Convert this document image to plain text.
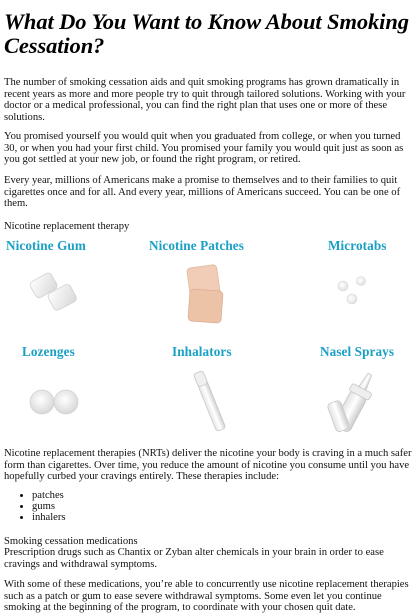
What Do You Want to Know About Smoking Cessation?

The number of smoking cessation aids and quit smoking programs has grown dramatically in recent years as more and more people try to quit through tailored solutions. Working with your doctor or a medical professional, you can find the right plan that uses one or more of these solutions.

You promised yourself you would quit when you graduated from college, or when you turned 30, or when you had your first child. You promised your family you would quit just as soon as you got settled at your new job, or found the right program, or retired.

Every year, millions of Americans make a promise to themselves and to their families to quit cigarettes once and for all. And every year, millions of Americans succeed. You can be one of them.

Nicotine replacement therapy

Nicotine Gum	Nicotine Patches	Microtabs
Lozenges	Inhalators	Nasel Sprays

Nicotine replacement therapies (NRTs) deliver the nicotine your body is craving in a much safer form than cigarettes. Over time, you reduce the amount of nicotine you consume until you have hopefully curbed your cravings entirely. These therapies include:

• patches
• gums
• inhalers

Smoking cessation medications

Prescription drugs such as Chantix or Zyban alter chemicals in your brain in order to ease cravings and withdrawal symptoms.

With some of these medications, you’re able to concurrently use nicotine replacement therapies such as a patch or gum to ease severe withdrawal symptoms. Some even let you continue smoking at the beginning of the program, to coordinate with your chosen quit date.
